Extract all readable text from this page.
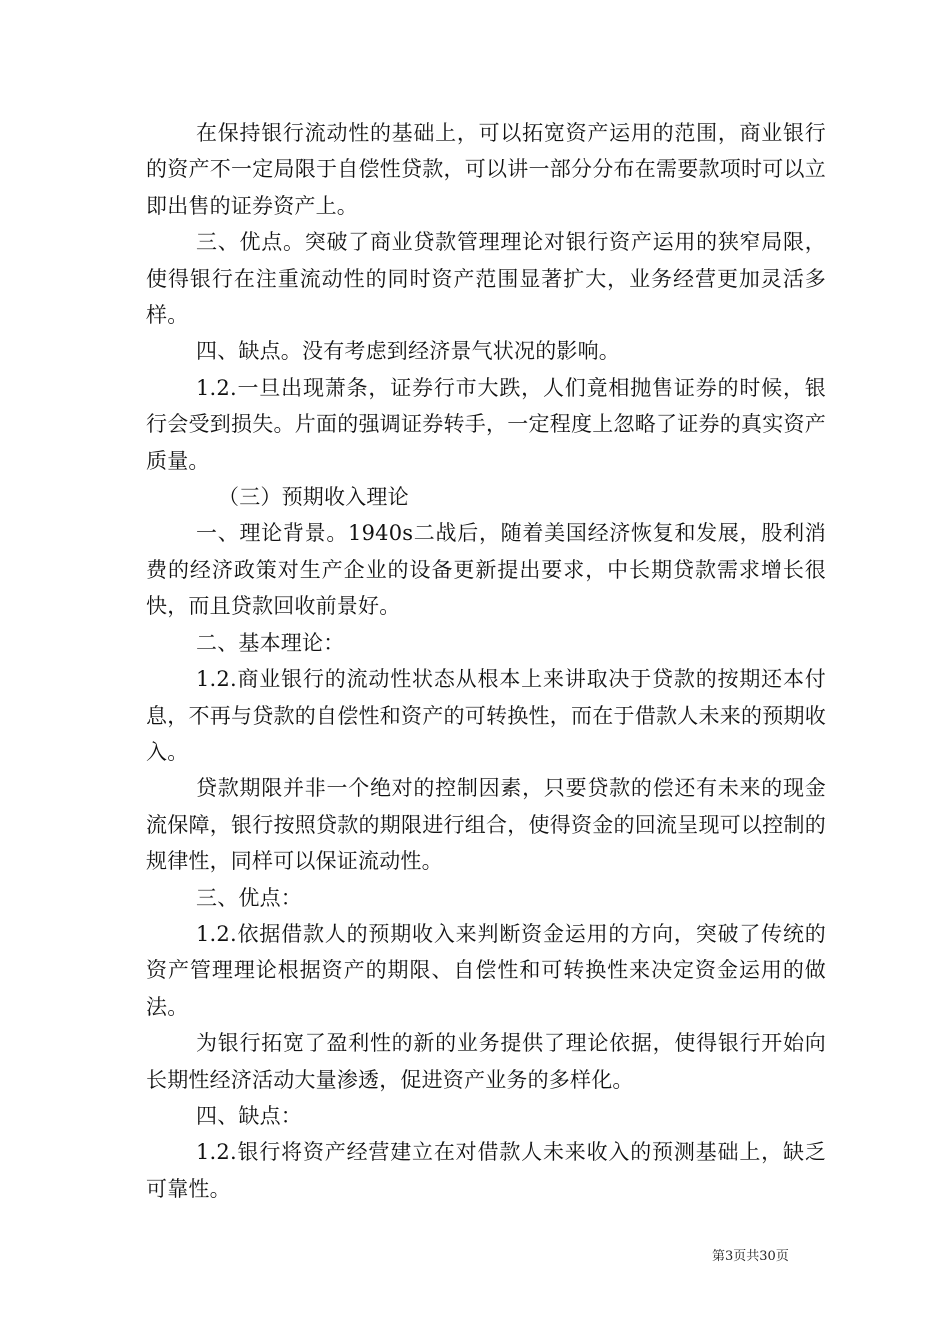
在保持银行流动性的基础上，可以拓宽资产运用的范围，商业银行的资产不一定局限于自偿性贷款，可以讲一部分分布在需要款项时可以立即出售的证券资产上。

三、优点。突破了商业贷款管理理论对银行资产运用的狭窄局限，使得银行在注重流动性的同时资产范围显著扩大，业务经营更加灵活多样。

四、缺点。没有考虑到经济景气状况的影响。

1.2.一旦出现萧条，证券行市大跌，人们竟相抛售证券的时候，银行会受到损失。片面的强调证券转手，一定程度上忽略了证券的真实资产质量。

（三）预期收入理论

一、理论背景。1940s二战后，随着美国经济恢复和发展，股利消费的经济政策对生产企业的设备更新提出要求，中长期贷款需求增长很快，而且贷款回收前景好。

二、基本理论：

1.2.商业银行的流动性状态从根本上来讲取决于贷款的按期还本付息，不再与贷款的自偿性和资产的可转换性，而在于借款人未来的预期收入。

贷款期限并非一个绝对的控制因素，只要贷款的偿还有未来的现金流保障，银行按照贷款的期限进行组合，使得资金的回流呈现可以控制的规律性，同样可以保证流动性。

三、优点：

1.2.依据借款人的预期收入来判断资金运用的方向，突破了传统的资产管理理论根据资产的期限、自偿性和可转换性来决定资金运用的做法。

为银行拓宽了盈利性的新的业务提供了理论依据，使得银行开始向长期性经济活动大量渗透，促进资产业务的多样化。

四、缺点：

1.2.银行将资产经营建立在对借款人未来收入的预测基础上，缺乏可靠性。

第3页共30页
